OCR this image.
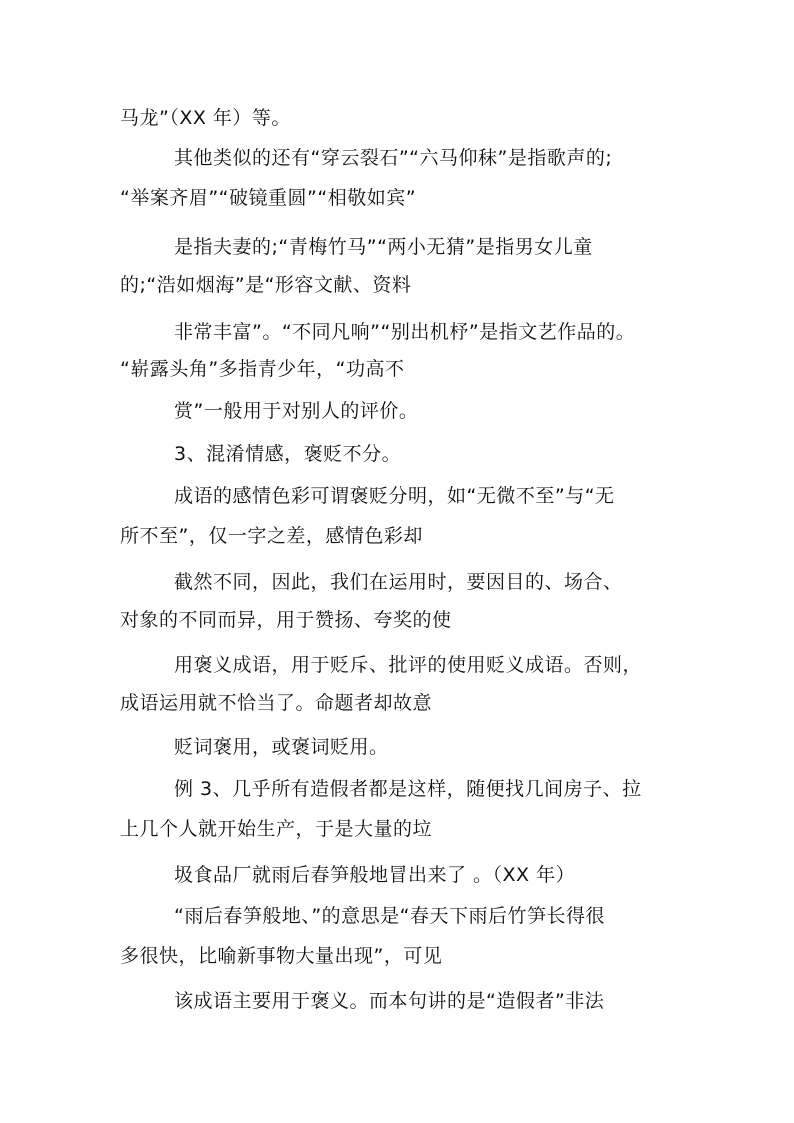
马龙”（XX 年）等。
其他类似的还有“穿云裂石”“六马仰秣”是指歌声的;
“举案齐眉”“破镜重圆”“相敬如宾”
是指夫妻的;“青梅竹马”“两小无猜”是指男女儿童
的;“浩如烟海”是“形容文献、资料
非常丰富”。“不同凡响”“别出机杼”是指文艺作品的。
“崭露头角”多指青少年，“功高不
赏”一般用于对别人的评价。
3、混淆情感，褒贬不分。
成语的感情色彩可谓褒贬分明，如“无微不至”与“无
所不至”，仅一字之差，感情色彩却
截然不同，因此，我们在运用时，要因目的、场合、
对象的不同而异，用于赞扬、夸奖的使
用褒义成语，用于贬斥、批评的使用贬义成语。否则，
成语运用就不恰当了。命题者却故意
贬词褒用，或褒词贬用。
例 3、几乎所有造假者都是这样，随便找几间房子、拉
上几个人就开始生产，于是大量的垃
圾食品厂就雨后春笋般地冒出来了 。（XX 年）
“雨后春笋般地、”的意思是“春天下雨后竹笋长得很
多很快，比喻新事物大量出现”，可见
该成语主要用于褒义。而本句讲的是“造假者”非法
